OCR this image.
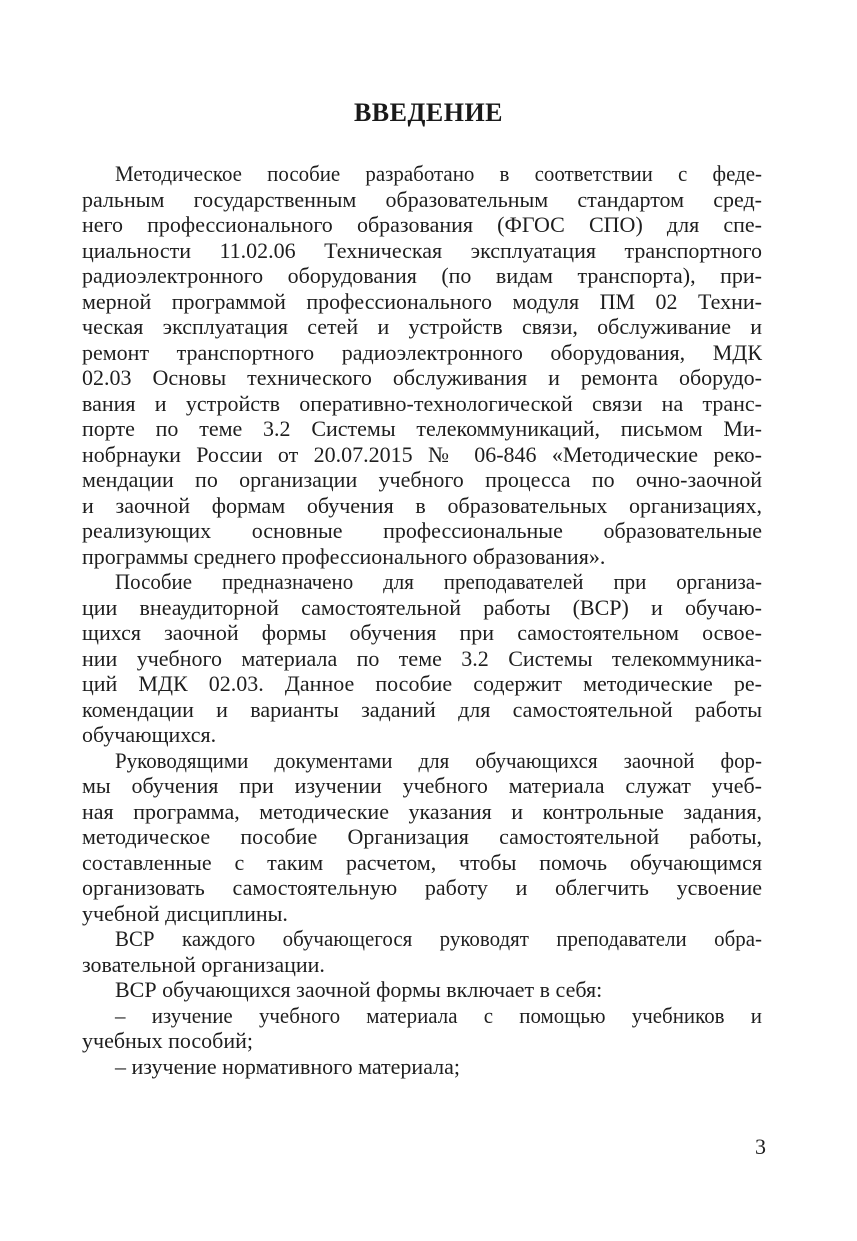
ВВЕДЕНИЕ
Методическое пособие разработано в соответствии с феде-
ральным государственным образовательным стандартом сред-
него профессионального образования (ФГОС СПО) для спе-
циальности 11.02.06 Техническая эксплуатация транспортного
радиоэлектронного оборудования (по видам транспорта), при-
мерной программой профессионального модуля ПМ 02 Техни-
ческая эксплуатация сетей и устройств связи, обслуживание и
ремонт транспортного радиоэлектронного оборудования, МДК
02.03 Основы технического обслуживания и ремонта оборудо-
вания и устройств оперативно-технологической связи на транс-
порте по теме 3.2 Системы телекоммуникаций, письмом Ми-
нобрнауки России от 20.07.2015 № 06-846 «Методические реко-
мендации по организации учебного процесса по очно-заочной
и заочной формам обучения в образовательных организациях,
реализующих основные профессиональные образовательные
программы среднего профессионального образования».
Пособие предназначено для преподавателей при организа-
ции внеаудиторной самостоятельной работы (ВСР) и обучаю-
щихся заочной формы обучения при самостоятельном освое-
нии учебного материала по теме 3.2 Системы телекоммуника-
ций МДК 02.03. Данное пособие содержит методические ре-
комендации и варианты заданий для самостоятельной работы
обучающихся.
Руководящими документами для обучающихся заочной фор-
мы обучения при изучении учебного материала служат учеб-
ная программа, методические указания и контрольные задания,
методическое пособие Организация самостоятельной работы,
составленные с таким расчетом, чтобы помочь обучающимся
организовать самостоятельную работу и облегчить усвоение
учебной дисциплины.
ВСР каждого обучающегося руководят преподаватели обра-
зовательной организации.
ВСР обучающихся заочной формы включает в себя:
– изучение учебного материала с помощью учебников и
учебных пособий;
– изучение нормативного материала;
3
